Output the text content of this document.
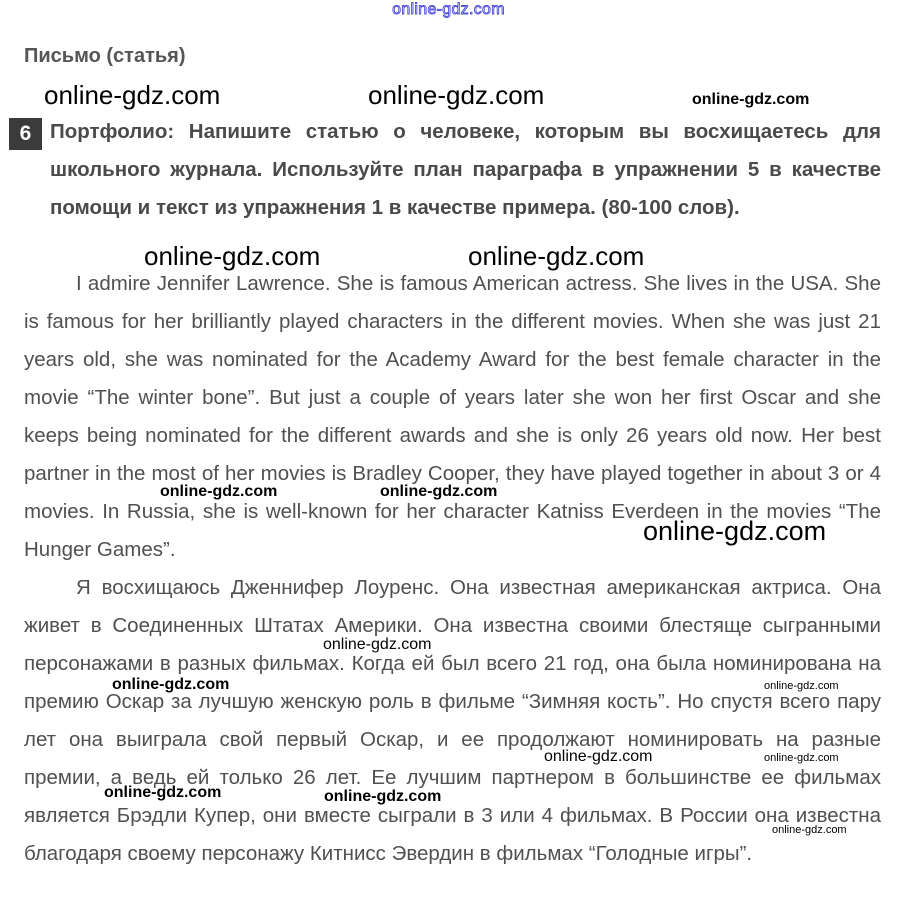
online-gdz.com
Письмо (статья)
6 Портфолио: Напишите статью о человеке, которым вы восхищаетесь для школьного журнала. Используйте план параграфа в упражнении 5 в качестве помощи и текст из упражнения 1 в качестве примера. (80-100 слов).
I admire Jennifer Lawrence. She is famous American actress. She lives in the USA. She is famous for her brilliantly played characters in the different movies. When she was just 21 years old, she was nominated for the Academy Award for the best female character in the movie “The winter bone”. But just a couple of years later she won her first Oscar and she keeps being nominated for the different awards and she is only 26 years old now. Her best partner in the most of her movies is Bradley Cooper, they have played together in about 3 or 4 movies. In Russia, she is well-known for her character Katniss Everdeen in the movies “The Hunger Games”.
Я восхищаюсь Дженнифер Лоуренс. Она известная американская актриса. Она живет в Соединенных Штатах Америки. Она известна своими блестяще сыгранными персонажами в разных фильмах. Когда ей был всего 21 год, она была номинирована на премию Оскар за лучшую женскую роль в фильме “Зимняя кость”. Но спустя всего пару лет она выиграла свой первый Оскар, и ее продолжают номинировать на разные премии, а ведь ей только 26 лет. Ее лучшим партнером в большинстве ее фильмах является Брэдли Купер, они вместе сыграли в 3 или 4 фильмах. В России она известна благодаря своему персонажу Китнисс Эвердин в фильмах “Голодные игры”.
online-gdz.com	online-gdz.com	online-gdz.com
online-gdz.com	online-gdz.com
online-gdz.com	online-gdz.com
online-gdz.com
online-gdz.com
online-gdz.com	online-gdz.com
online-gdz.com	online-gdz.com
online-gdz.com	online-gdz.com
online-gdz.com
